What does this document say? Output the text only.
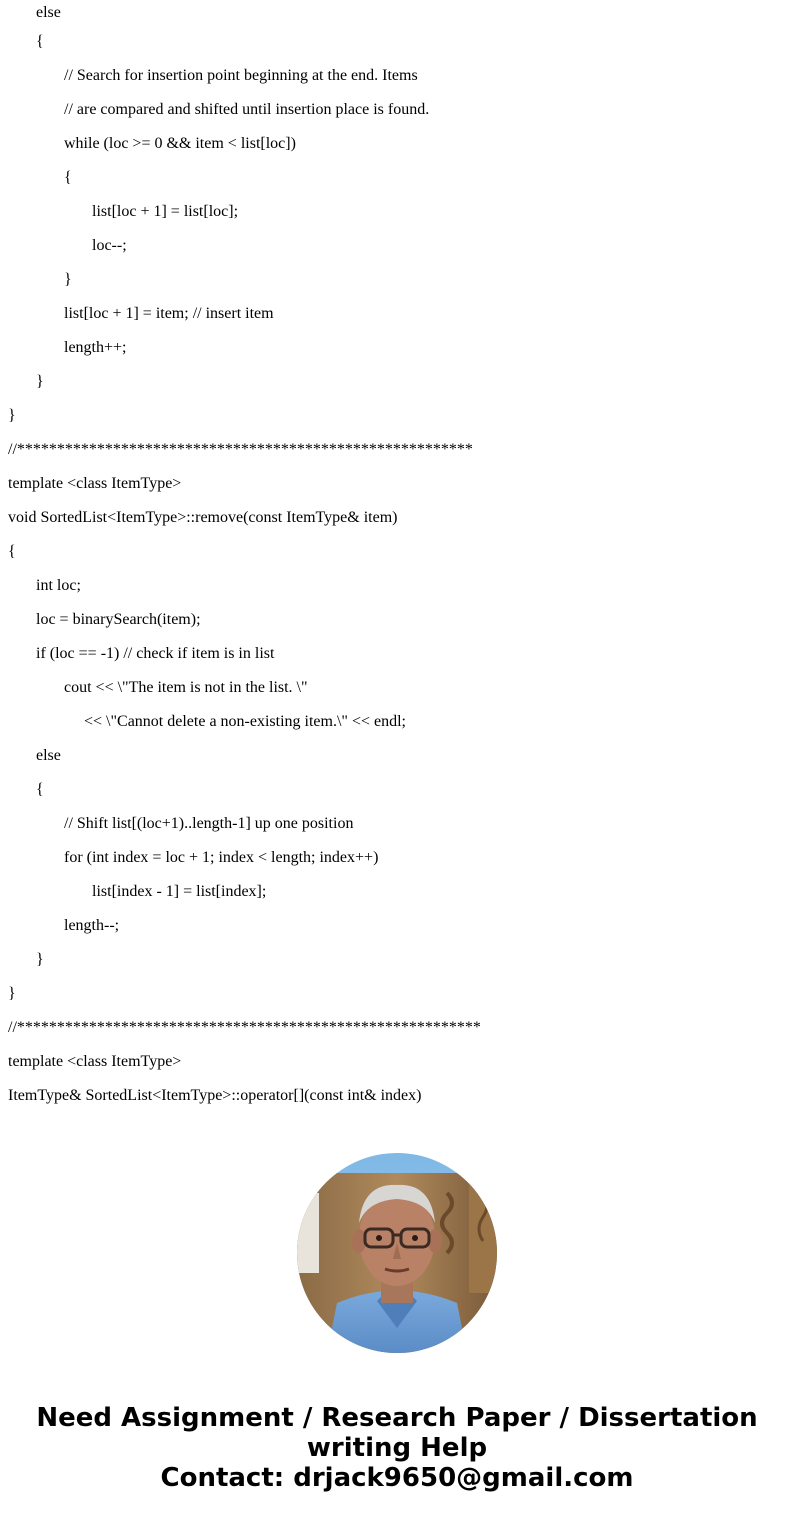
else
{
// Search for insertion point beginning at the end. Items
// are compared and shifted until insertion place is found.
while (loc >= 0 && item < list[loc])
{
list[loc + 1] = list[loc];
loc--;
}
list[loc + 1] = item; // insert item
length++;
}
}
//*********************************************************
template <class ItemType>
void SortedList<ItemType>::remove(const ItemType& item)
{
int loc;
loc = binarySearch(item);
if (loc == -1) // check if item is in list
cout << \"The item is not in the list. \"
<< \"Cannot delete a non-existing item.\" << endl;
else
{
// Shift list[(loc+1)..length-1] up one position
for (int index = loc + 1; index < length; index++)
list[index - 1] = list[index];
length--;
}
}
//**********************************************************
template <class ItemType>
ItemType& SortedList<ItemType>::operator[](const int& index)
Need Assignment / Research Paper / Dissertation
writing Help
Contact: drjack9650@gmail.com
